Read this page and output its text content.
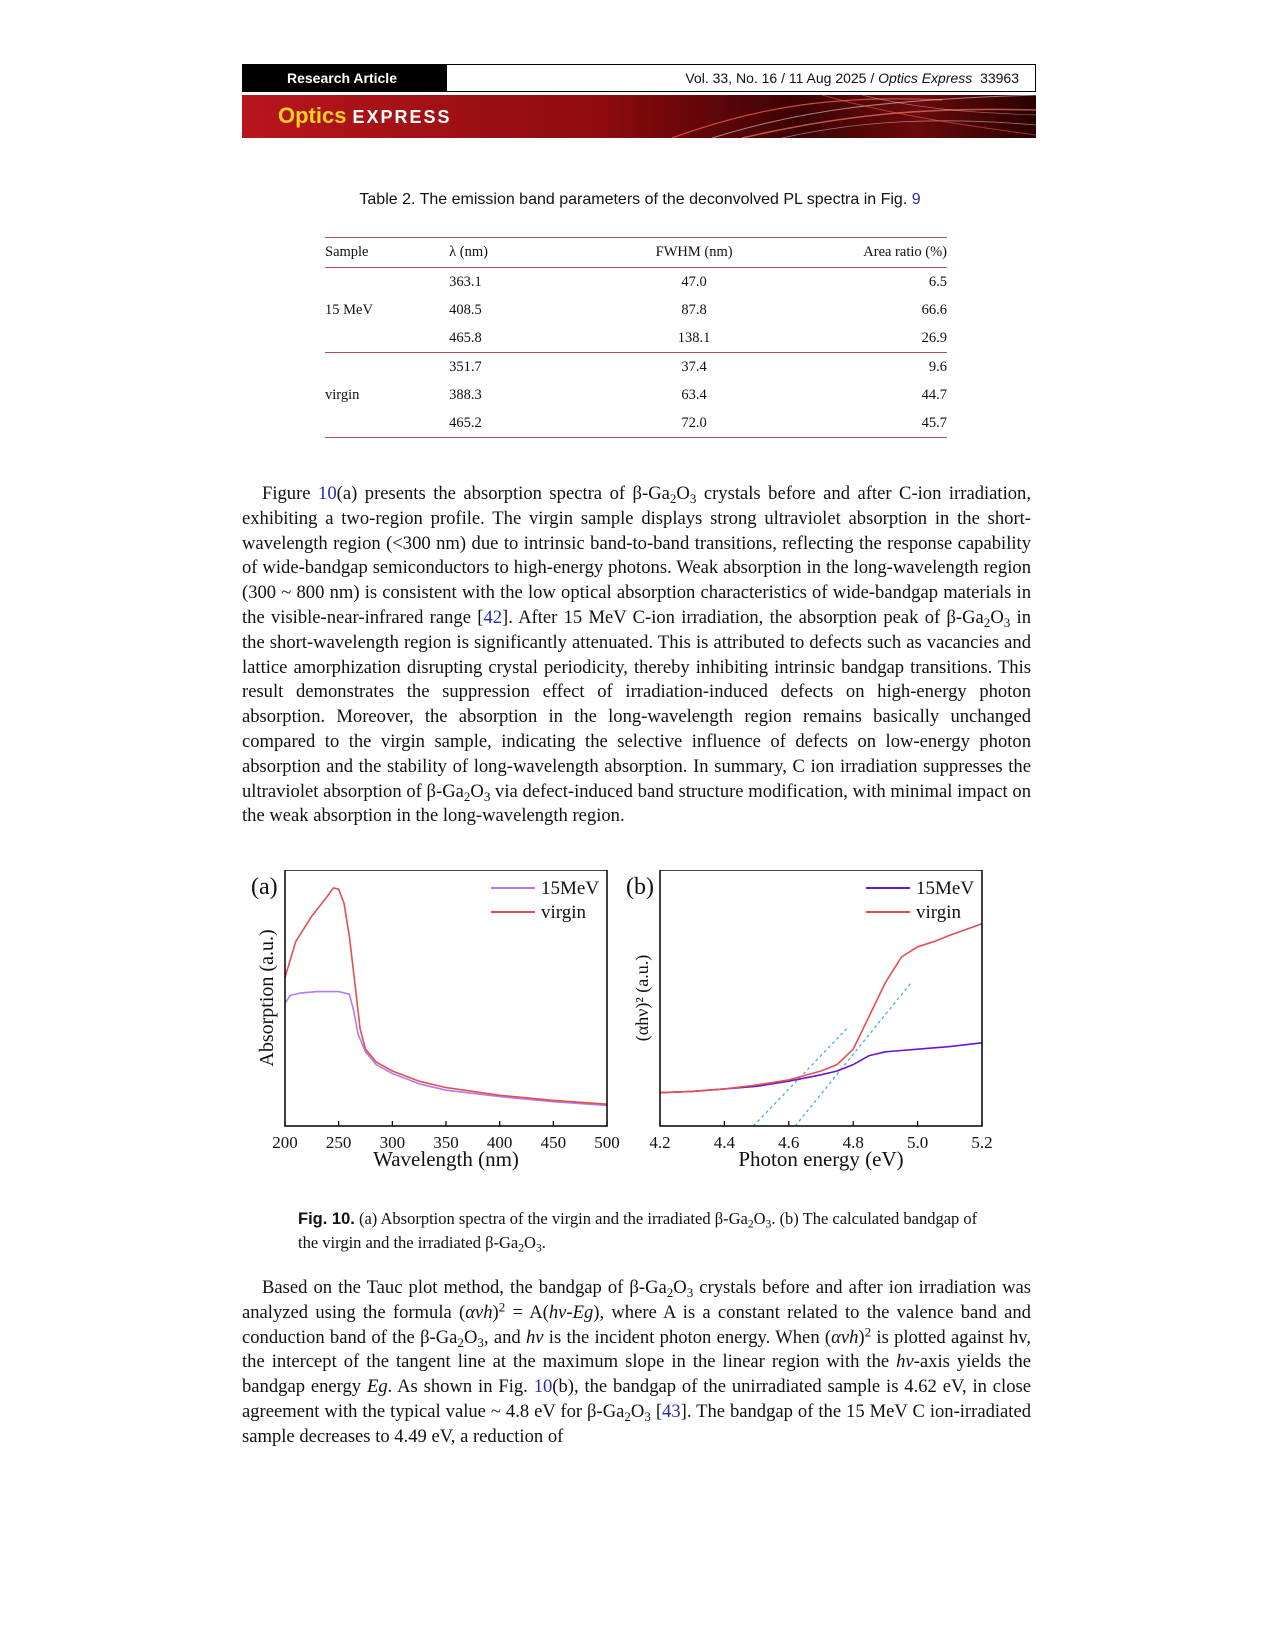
Research Article	Vol. 33, No. 16 / 11 Aug 2025 / Optics Express 33963
Optics EXPRESS
Table 2. The emission band parameters of the deconvolved PL spectra in Fig. 9
Sample	λ (nm)	FWHM (nm)	Area ratio (%)
	363.1	47.0	6.5
15 MeV	408.5	87.8	66.6
	465.8	138.1	26.9
	351.7	37.4	9.6
virgin	388.3	63.4	44.7
	465.2	72.0	45.7

Figure 10(a) presents the absorption spectra of $\beta-Ga_2O_3$ crystals before and after C-ion irradiation, exhibiting a two-region profile. The virgin sample displays strong ultraviolet absorption in the short-wavelength region (<300 nm) due to intrinsic band-to-band transitions, reflecting the response capability of wide-bandgap semiconductors to high-energy photons. Weak absorption in the long-wavelength region (300 ~ 800 nm) is consistent with the low optical absorption characteristics of wide-bandgap materials in the visible-near-infrared range [42]. After 15 MeV C-ion irradiation, the absorption peak of $\beta-Ga_2O_3$ in the short-wavelength region is significantly attenuated. This is attributed to defects such as vacancies and lattice amorphization disrupting crystal periodicity, thereby inhibiting intrinsic bandgap transitions. This result demonstrates the suppression effect of irradiation-induced defects on high-energy photon absorption. Moreover, the absorption in the long-wavelength region remains basically unchanged compared to the virgin sample, indicating the selective influence of defects on low-energy photon absorption and the stability of long-wavelength absorption. In summary, C ion irradiation suppresses the ultraviolet absorption of $\beta-Ga_2O_3$ via defect-induced band structure modification, with minimal impact on the weak absorption in the long-wavelength region.

200 250 300 350 400 450 500
Wavelength (nm)
Absorption (a.u.)
(a)	15MeV
virgin
4.2	4.4	4.6	4.8	5.0	5.2
Photon energy (eV)
(αhν)² (a.u.)
(b)	15MeV
virgin
Fig. 10. (a) Absorption spectra of the virgin and the irradiated $\beta-Ga_2O_3$. (b) The calculated bandgap of the virgin and the irradiated $\beta-Ga_2O_3$.

Based on the Tauc plot method, the bandgap of $\beta-Ga_2O_3$ crystals before and after ion irradiation was analyzed using the formula $(\alpha vh)^2 = A(hv-Eg)$, where A is a constant related to the valence band and conduction band of the $\beta-Ga_2O_3$, and hv is the incident photon energy. When $(\alpha vh)^2$ is plotted against hv, the intercept of the tangent line at the maximum slope in the linear region with the hv-axis yields the bandgap energy Eg. As shown in Fig. 10(b), the bandgap of the unirradiated sample is 4.62 eV, in close agreement with the typical value ~ 4.8 eV for $\beta-Ga_2O_3$ [43]. The bandgap of the 15 MeV C ion-irradiated sample decreases to 4.49 eV, a reduction of
